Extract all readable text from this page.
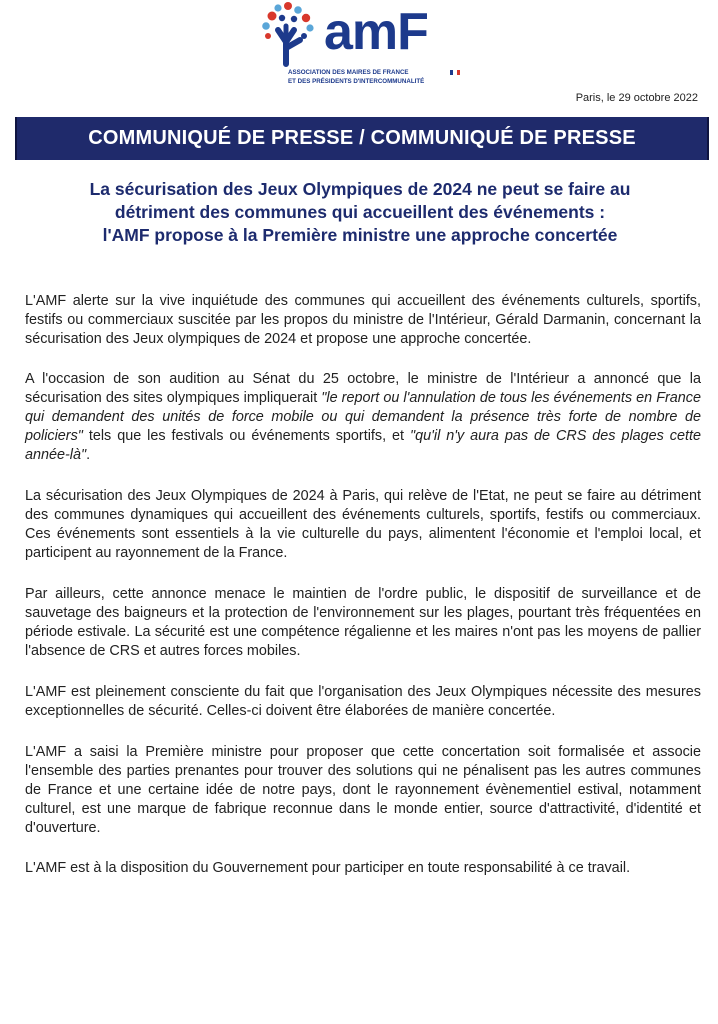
amF
ASSOCIATION DES MAIRES DE FRANCE
ET DES PRÉSIDENTS D'INTERCOMMUNALITÉ
Paris, le 29 octobre 2022
COMMUNIQUÉ DE PRESSE / COMMUNIQUÉ DE PRESSE
La sécurisation des Jeux Olympiques de 2024 ne peut se faire au
détriment des communes qui accueillent des événements :
l'AMF propose à la Première ministre une approche concertée

L'AMF alerte sur la vive inquiétude des communes qui accueillent des événements culturels, sportifs, festifs ou commerciaux suscitée par les propos du ministre de l'Intérieur, Gérald Darmanin, concernant la sécurisation des Jeux olympiques de 2024 et propose une approche concertée.

A l'occasion de son audition au Sénat du 25 octobre, le ministre de l'Intérieur a annoncé que la sécurisation des sites olympiques impliquerait "le report ou l'annulation de tous les événements en France qui demandent des unités de force mobile ou qui demandent la présence très forte de nombre de policiers" tels que les festivals ou événements sportifs, et "qu'il n'y aura pas de CRS des plages cette année-là".

La sécurisation des Jeux Olympiques de 2024 à Paris, qui relève de l'Etat, ne peut se faire au détriment des communes dynamiques qui accueillent des événements culturels, sportifs, festifs ou commerciaux. Ces événements sont essentiels à la vie culturelle du pays, alimentent l'économie et l'emploi local, et participent au rayonnement de la France.

Par ailleurs, cette annonce menace le maintien de l'ordre public, le dispositif de surveillance et de sauvetage des baigneurs et la protection de l'environnement sur les plages, pourtant très fréquentées en période estivale. La sécurité est une compétence régalienne et les maires n'ont pas les moyens de pallier l'absence de CRS et autres forces mobiles.

L'AMF est pleinement consciente du fait que l'organisation des Jeux Olympiques nécessite des mesures exceptionnelles de sécurité. Celles-ci doivent être élaborées de manière concertée.

L'AMF a saisi la Première ministre pour proposer que cette concertation soit formalisée et associe l'ensemble des parties prenantes pour trouver des solutions qui ne pénalisent pas les autres communes de France et une certaine idée de notre pays, dont le rayonnement évènementiel estival, notamment culturel, est une marque de fabrique reconnue dans le monde entier, source d'attractivité, d'identité et d'ouverture.

L'AMF est à la disposition du Gouvernement pour participer en toute responsabilité à ce travail.
